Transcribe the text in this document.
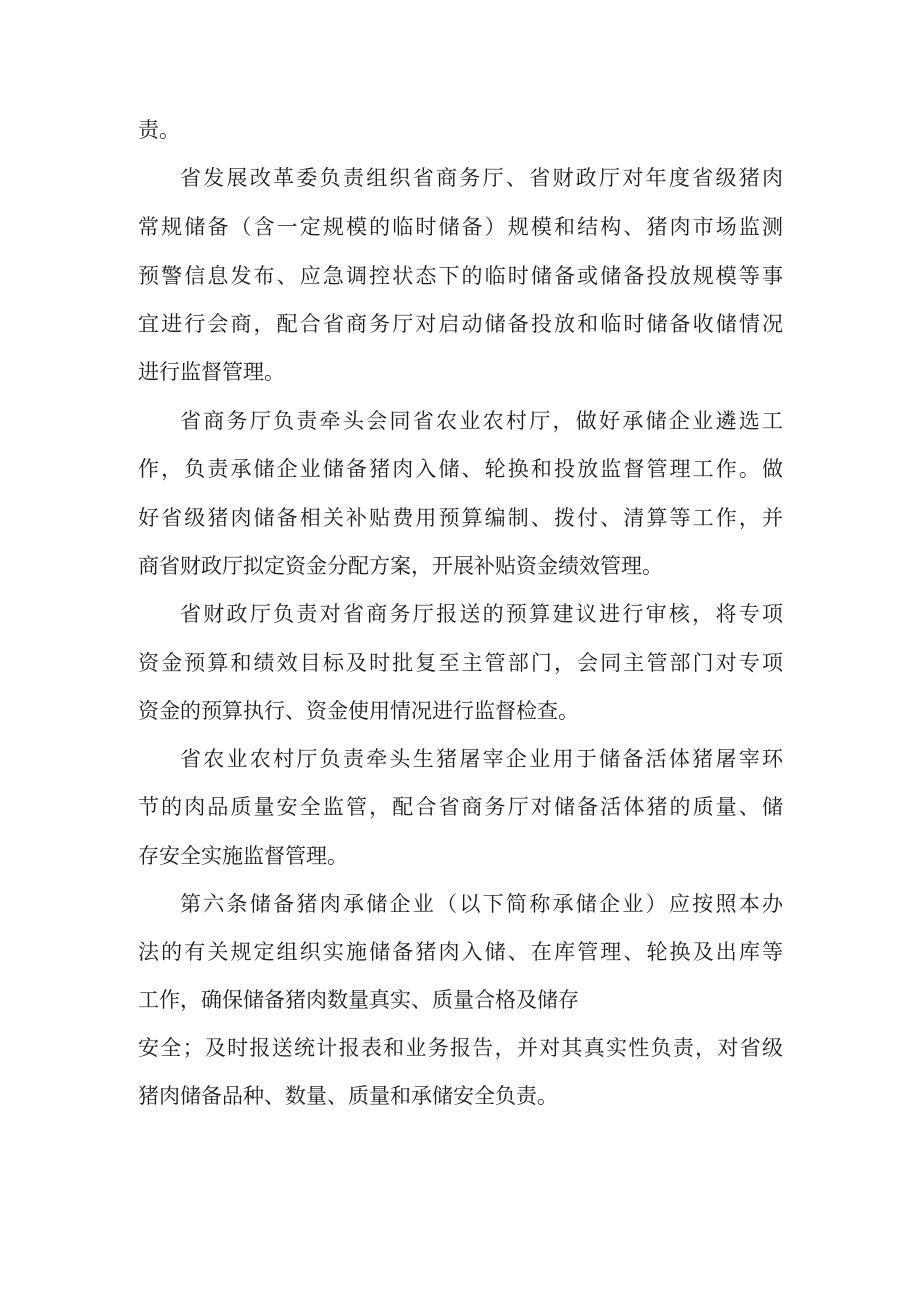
责。

省发展改革委负责组织省商务厅、省财政厅对年度省级猪肉

常规储备（含一定规模的临时储备）规模和结构、猪肉市场监测

预警信息发布、应急调控状态下的临时储备或储备投放规模等事

宜进行会商，配合省商务厅对启动储备投放和临时储备收储情况

进行监督管理。

省商务厅负责牵头会同省农业农村厅，做好承储企业遴选工

作，负责承储企业储备猪肉入储、轮换和投放监督管理工作。做

好省级猪肉储备相关补贴费用预算编制、拨付、清算等工作，并

商省财政厅拟定资金分配方案，开展补贴资金绩效管理。

省财政厅负责对省商务厅报送的预算建议进行审核，将专项

资金预算和绩效目标及时批复至主管部门，会同主管部门对专项

资金的预算执行、资金使用情况进行监督检查。

省农业农村厅负责牵头生猪屠宰企业用于储备活体猪屠宰环

节的肉品质量安全监管，配合省商务厅对储备活体猪的质量、储

存安全实施监督管理。

第六条储备猪肉承储企业（以下简称承储企业）应按照本办

法的有关规定组织实施储备猪肉入储、在库管理、轮换及出库等

工作，确保储备猪肉数量真实、质量合格及储存

安全；及时报送统计报表和业务报告，并对其真实性负责，对省级

猪肉储备品种、数量、质量和承储安全负责。
